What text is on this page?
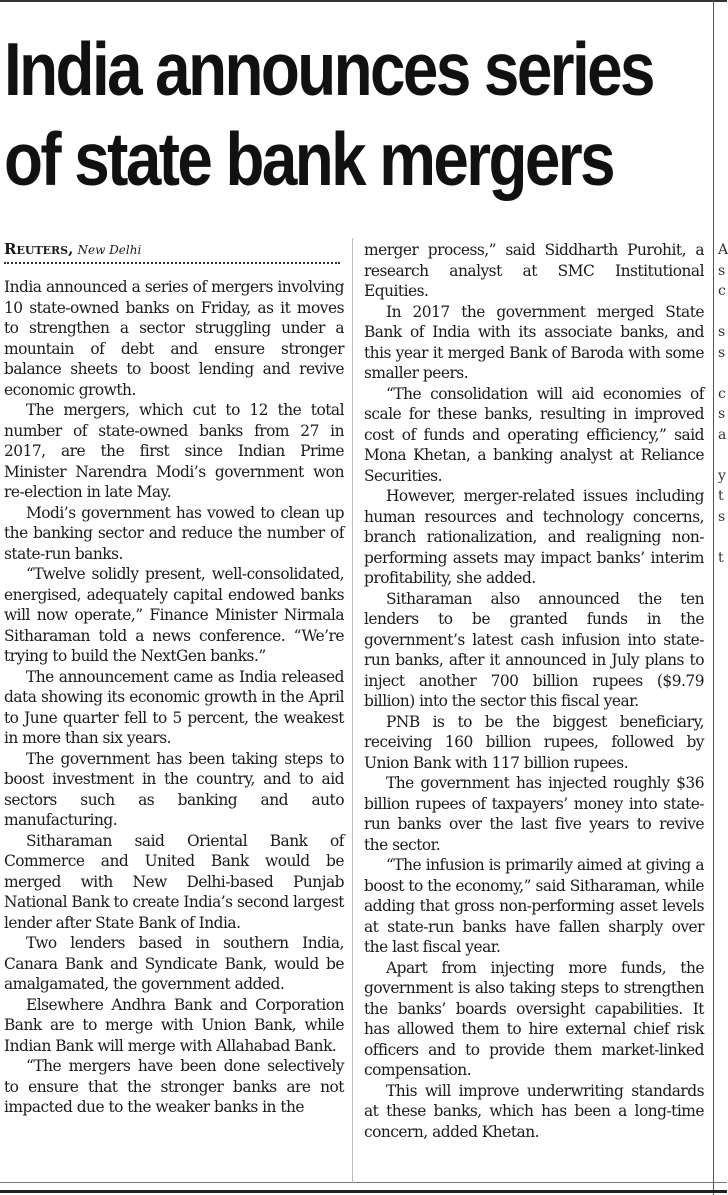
India announces series
of state bank mergers
Reuters, New Delhi

India announced a series of mergers involving 10 state-owned banks on Friday, as it moves to strengthen a sector struggling under a mountain of debt and ensure stronger balance sheets to boost lending and revive economic growth.

The mergers, which cut to 12 the total number of state-owned banks from 27 in 2017, are the first since Indian Prime Minister Narendra Modi’s government won re-election in late May.

Modi’s government has vowed to clean up the banking sector and reduce the number of state-run banks.

“Twelve solidly present, well-consolidated, energised, adequately capital endowed banks will now operate,” Finance Minister Nirmala Sitharaman told a news conference. “We’re trying to build the NextGen banks.”

The announcement came as India released data showing its economic growth in the April to June quarter fell to 5 percent, the weakest in more than six years.

The government has been taking steps to boost investment in the country, and to aid sectors such as banking and auto manufacturing.

Sitharaman said Oriental Bank of Commerce and United Bank would be merged with New Delhi-based Punjab National Bank to create India’s second largest lender after State Bank of India.

Two lenders based in southern India, Canara Bank and Syndicate Bank, would be amalgamated, the government added.

Elsewhere Andhra Bank and Corporation Bank are to merge with Union Bank, while Indian Bank will merge with Allahabad Bank.

“The mergers have been done selectively to ensure that the stronger banks are not impacted due to the weaker banks in the

merger process,” said Siddharth Purohit, a research analyst at SMC Institutional Equities.

In 2017 the government merged State Bank of India with its associate banks, and this year it merged Bank of Baroda with some smaller peers.

“The consolidation will aid economies of scale for these banks, resulting in improved cost of funds and operating efficiency,” said Mona Khetan, a banking analyst at Reliance Securities.

However, merger-related issues including human resources and technology concerns, branch rationalization, and realigning non-performing assets may impact banks’ interim profitability, she added.

Sitharaman also announced the ten lenders to be granted funds in the government’s latest cash infusion into state-run banks, after it announced in July plans to inject another 700 billion rupees ($9.79 billion) into the sector this fiscal year.

PNB is to be the biggest beneficiary, receiving 160 billion rupees, followed by Union Bank with 117 billion rupees.

The government has injected roughly $36 billion rupees of taxpayers’ money into state-run banks over the last five years to revive the sector.

“The infusion is primarily aimed at giving a boost to the economy,” said Sitharaman, while adding that gross non-performing asset levels at state-run banks have fallen sharply over the last fiscal year.

Apart from injecting more funds, the government is also taking steps to strengthen the banks’ boards oversight capabilities. It has allowed them to hire external chief risk officers and to provide them market-linked compensation.

This will improve underwriting standards at these banks, which has been a long-time concern, added Khetan.

A
s
c
s
s
c
s
a
y
t
s
t
